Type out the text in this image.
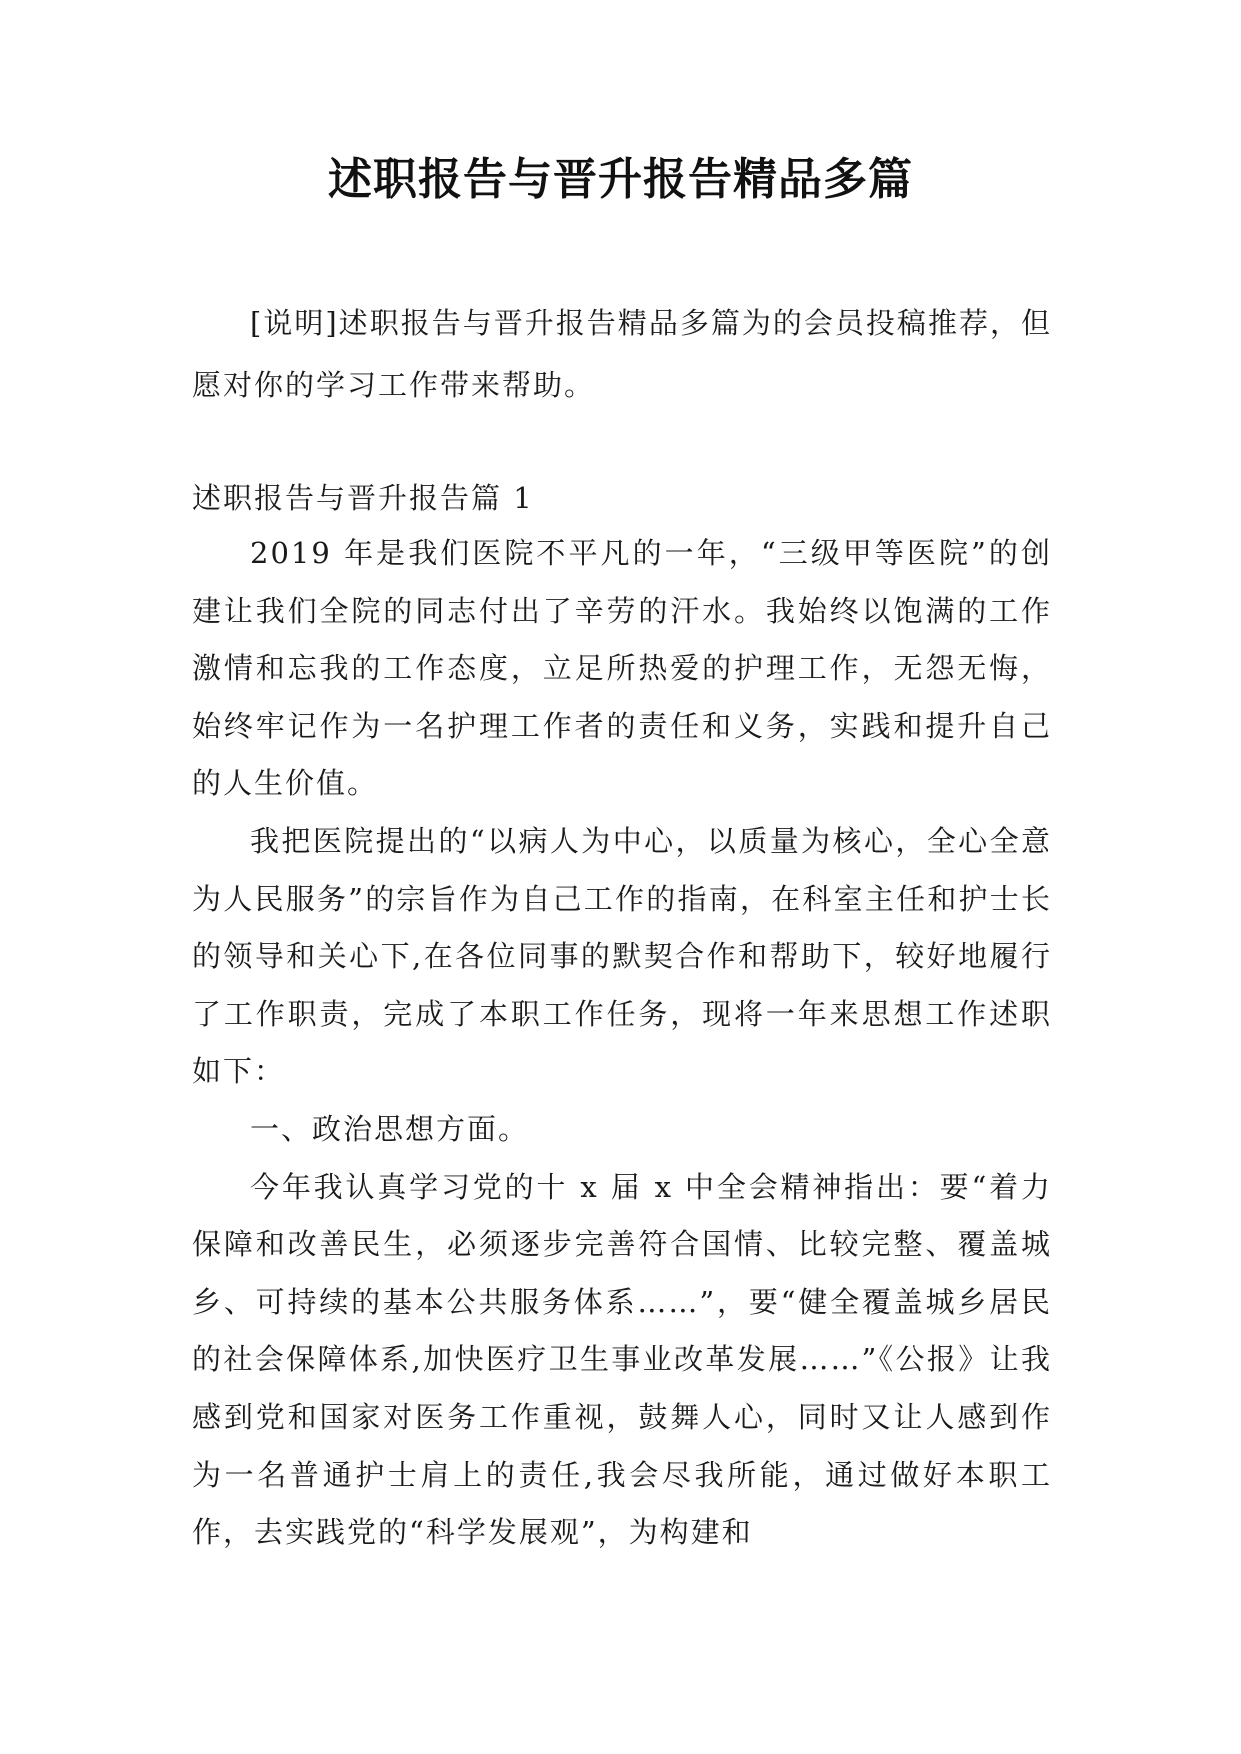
述职报告与晋升报告精品多篇

[说明]述职报告与晋升报告精品多篇为的会员投稿推荐，但愿对你的学习工作带来帮助。

述职报告与晋升报告篇 1

2019 年是我们医院不平凡的一年，“三级甲等医院”的创建让我们全院的同志付出了辛劳的汗水。我始终以饱满的工作激情和忘我的工作态度，立足所热爱的护理工作，无怨无悔，始终牢记作为一名护理工作者的责任和义务，实践和提升自己的人生价值。

我把医院提出的“以病人为中心，以质量为核心，全心全意为人民服务”的宗旨作为自己工作的指南，在科室主任和护士长的领导和关心下,在各位同事的默契合作和帮助下，较好地履行了工作职责，完成了本职工作任务，现将一年来思想工作述职如下：

一、政治思想方面。

今年我认真学习党的十 x 届 x 中全会精神指出：要“着力保障和改善民生，必须逐步完善符合国情、比较完整、覆盖城乡、可持续的基本公共服务体系……”，要“健全覆盖城乡居民的社会保障体系,加快医疗卫生事业改革发展……”《公报》让我感到党和国家对医务工作重视，鼓舞人心，同时又让人感到作为一名普通护士肩上的责任,我会尽我所能，通过做好本职工作，去实践党的“科学发展观”，为构建和
